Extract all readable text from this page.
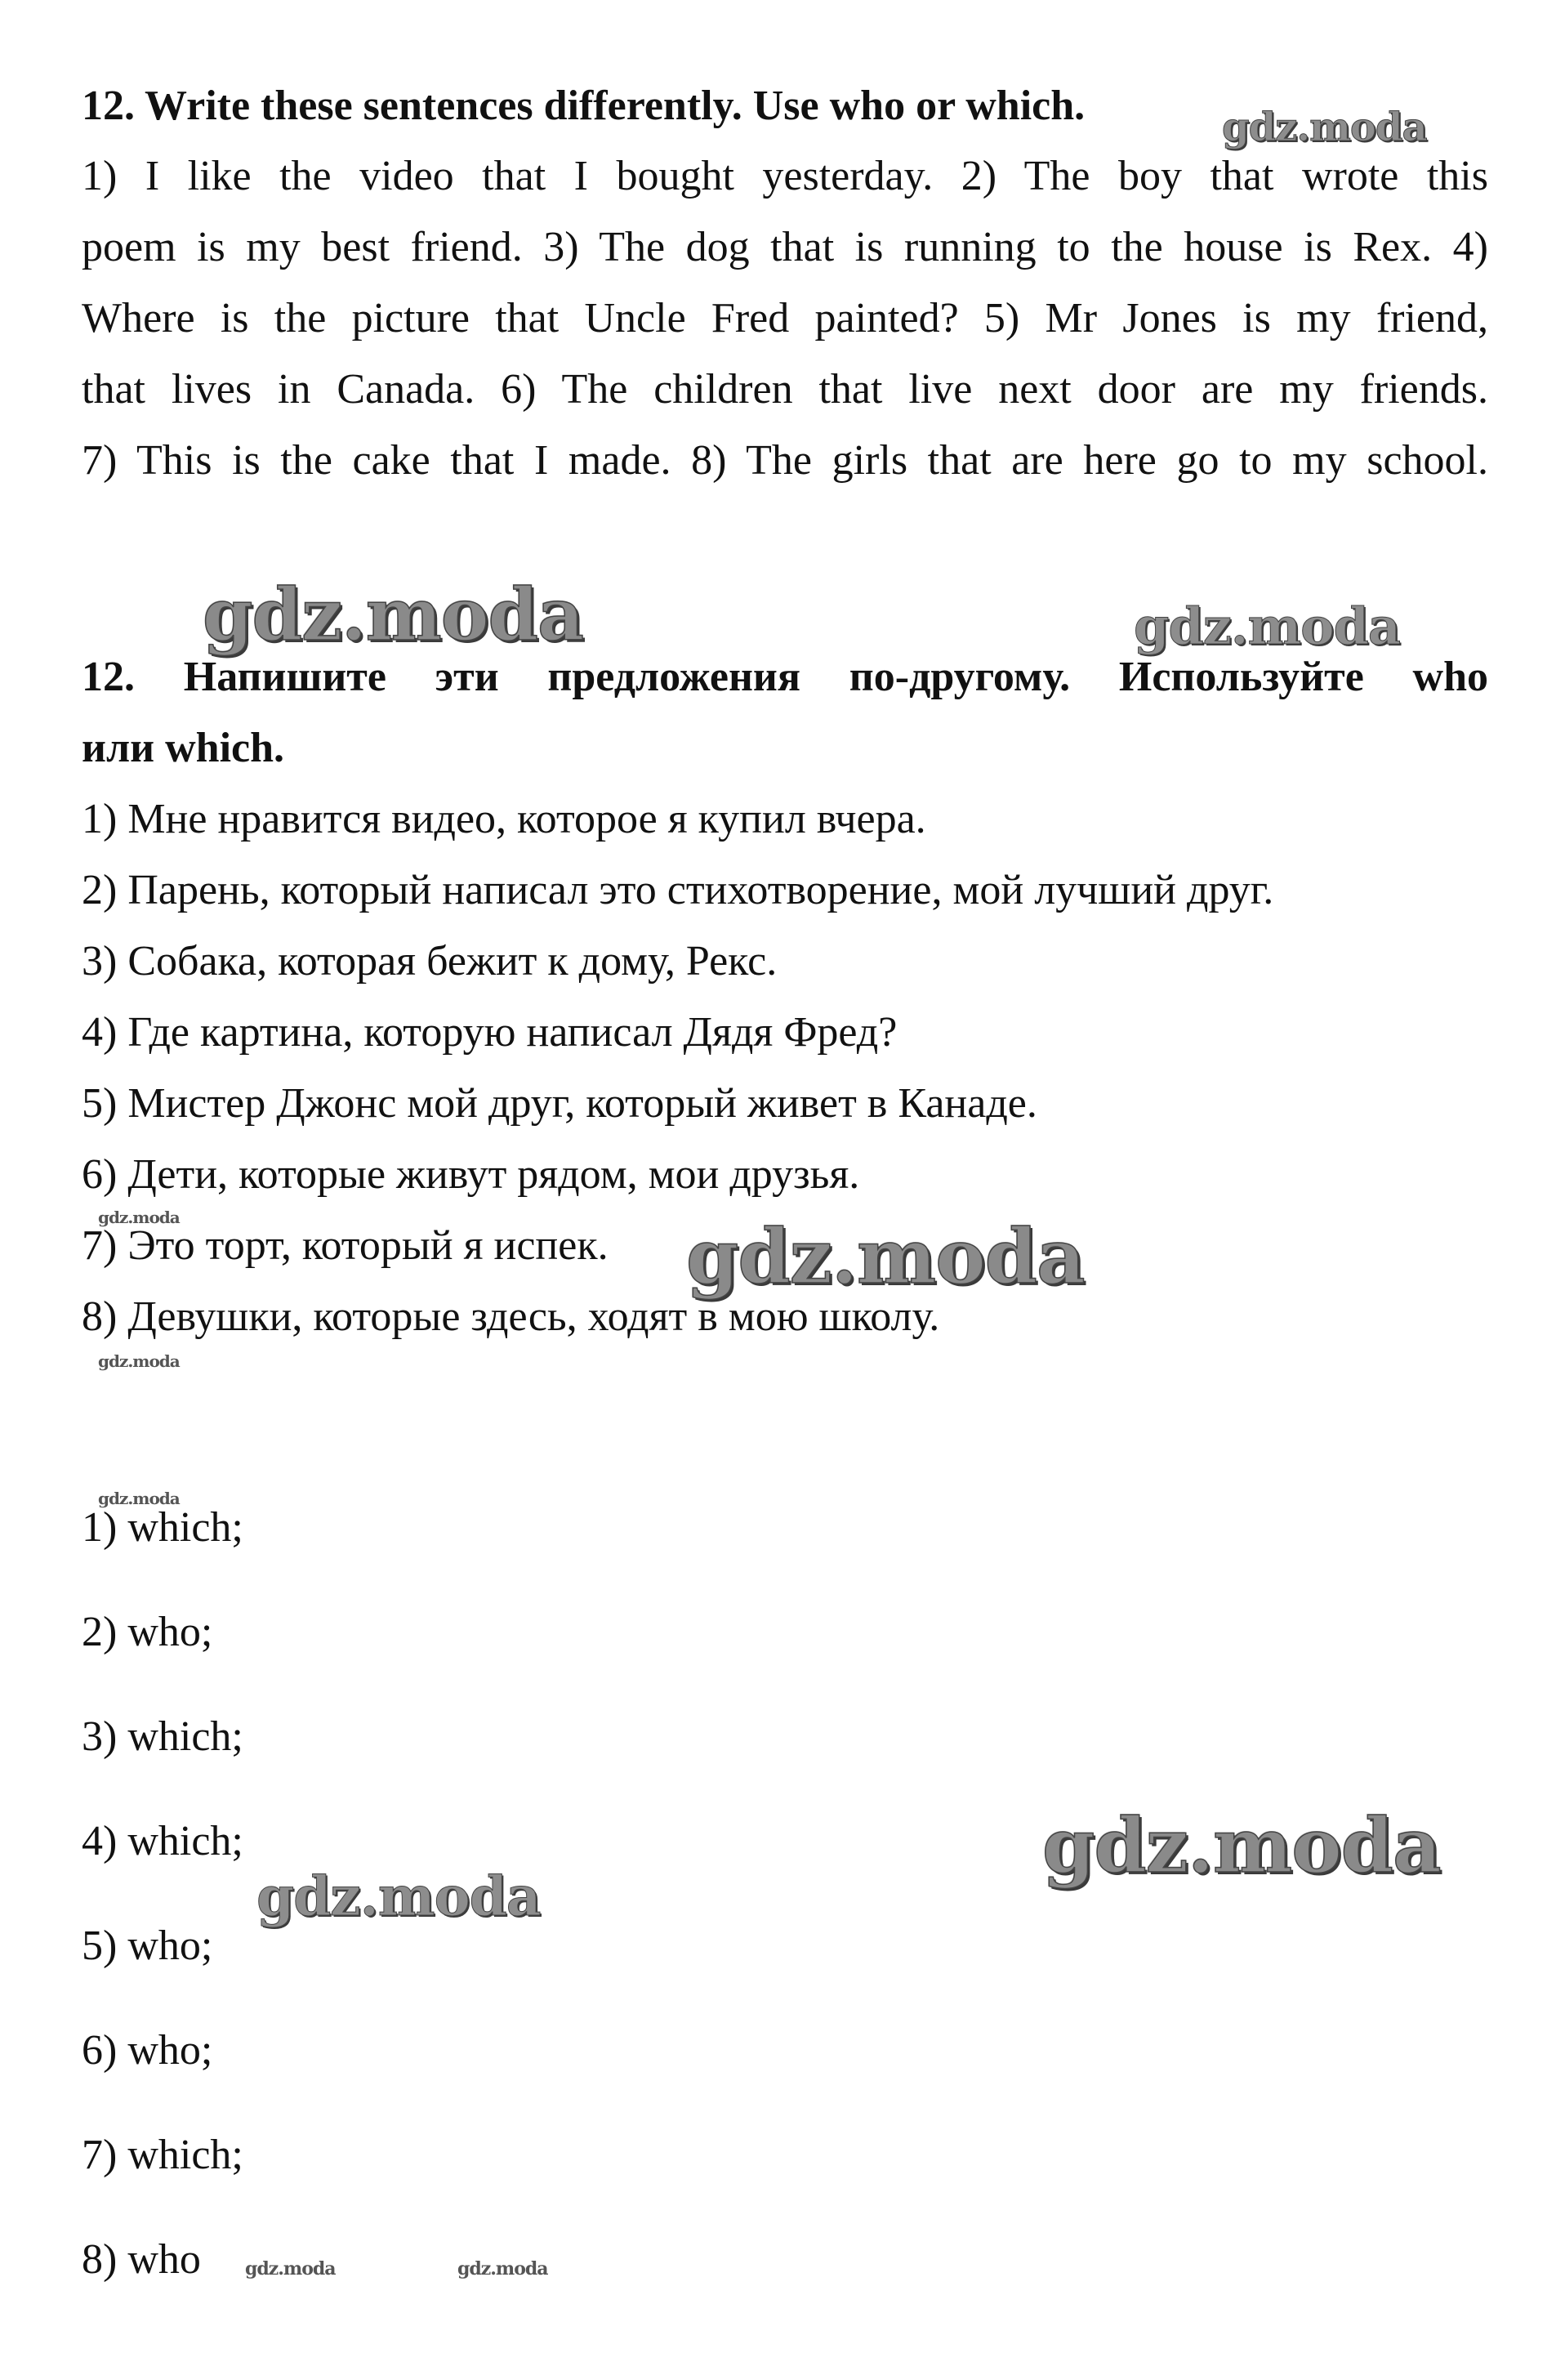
12. Write these sentences differently. Use who or which.
1) I like the video that I bought yesterday. 2) The boy that wrote this
poem is my best friend. 3) The dog that is running to the house is Rex. 4)
Where is the picture that Uncle Fred painted? 5) Mr Jones is my friend,
that lives in Canada. 6) The children that live next door are my friends.
7) This is the cake that I made. 8) The girls that are here go to my school.
12. Напишите эти предложения по-другому. Используйте who
или which.
1) Мне нравится видео, которое я купил вчера.
2) Парень, который написал это стихотворение, мой лучший друг.
3) Собака, которая бежит к дому, Рекс.
4) Где картина, которую написал Дядя Фред?
5) Мистер Джонс мой друг, который живет в Канаде.
6) Дети, которые живут рядом, мои друзья.
7) Это торт, который я испек.
8) Девушки, которые здесь, ходят в мою школу.
1) which;
2) who;
3) which;
4) which;
5) who;
6) who;
7) which;
8) who
gdz.moda
gdz.moda	gdz.moda
gdz.moda	gdz.moda
gdz.moda
gdz.moda
gdz.moda
gdz.moda
gdz.moda	gdz.moda
